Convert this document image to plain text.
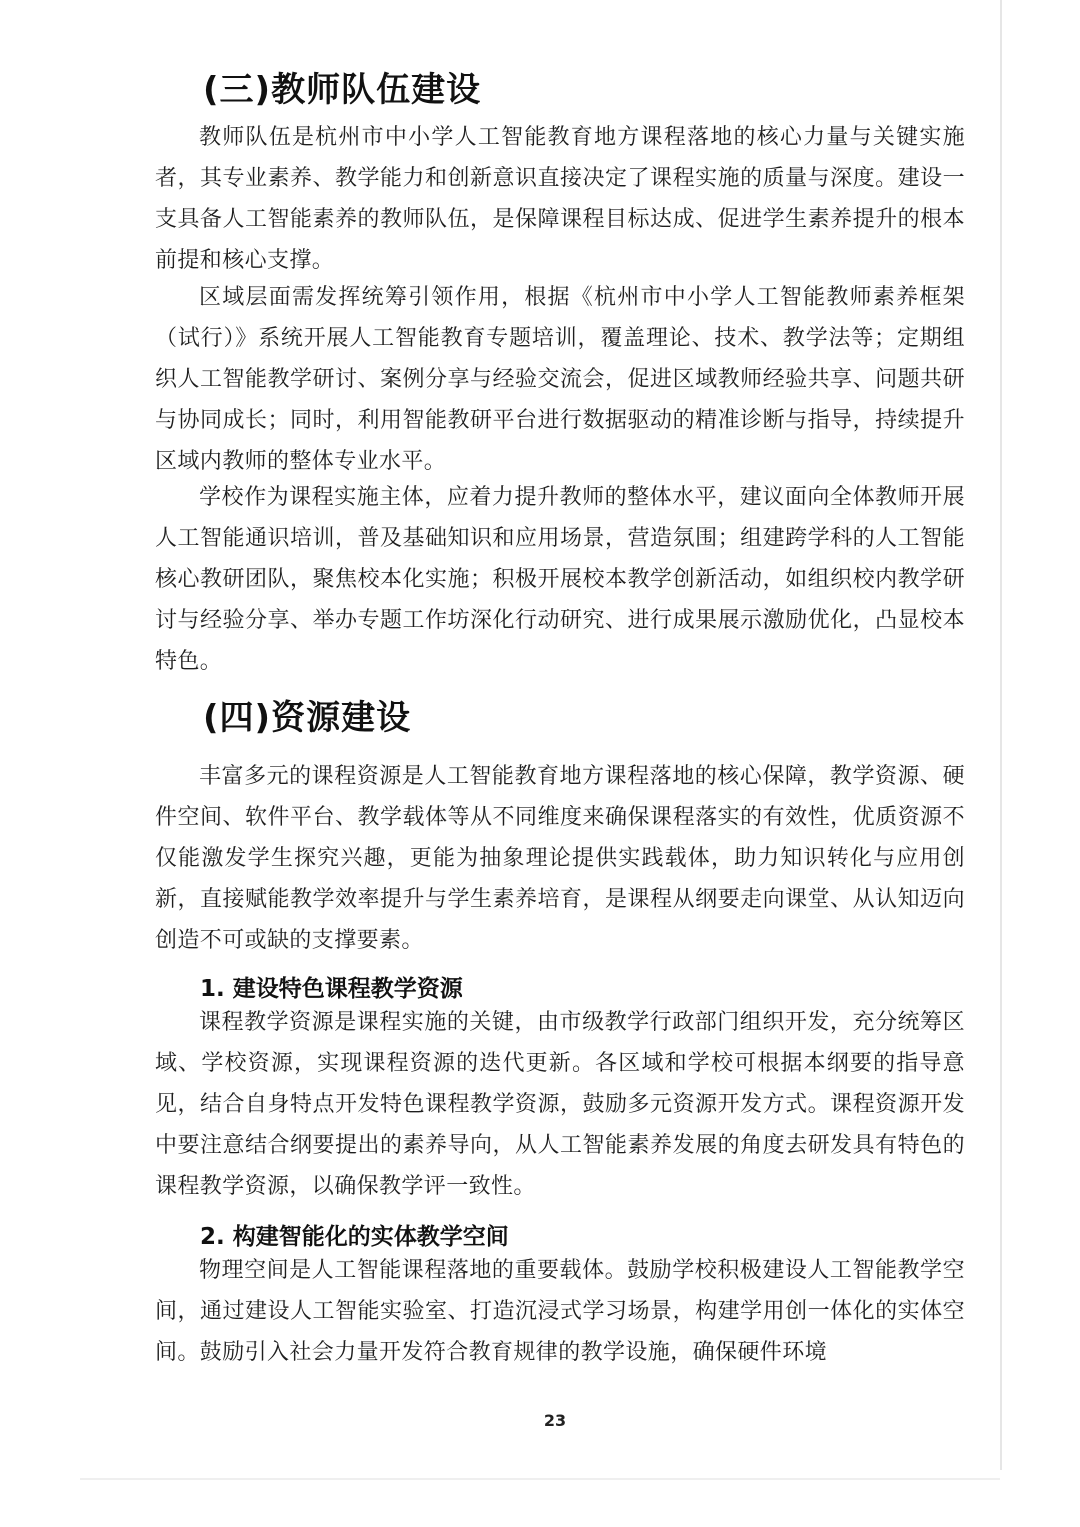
(三)教师队伍建设

教师队伍是杭州市中小学人工智能教育地方课程落地的核心力量与关键实施者，其专业素养、教学能力和创新意识直接决定了课程实施的质量与深度。建设一支具备人工智能素养的教师队伍，是保障课程目标达成、促进学生素养提升的根本前提和核心支撑。

区域层面需发挥统筹引领作用，根据《杭州市中小学人工智能教师素养框架（试行）》系统开展人工智能教育专题培训，覆盖理论、技术、教学法等；定期组织人工智能教学研讨、案例分享与经验交流会，促进区域教师经验共享、问题共研与协同成长；同时，利用智能教研平台进行数据驱动的精准诊断与指导，持续提升区域内教师的整体专业水平。

学校作为课程实施主体，应着力提升教师的整体水平，建议面向全体教师开展人工智能通识培训，普及基础知识和应用场景，营造氛围；组建跨学科的人工智能核心教研团队，聚焦校本化实施；积极开展校本教学创新活动，如组织校内教学研讨与经验分享、举办专题工作坊深化行动研究、进行成果展示激励优化，凸显校本特色。

(四)资源建设

丰富多元的课程资源是人工智能教育地方课程落地的核心保障，教学资源、硬件空间、软件平台、教学载体等从不同维度来确保课程落实的有效性，优质资源不仅能激发学生探究兴趣，更能为抽象理论提供实践载体，助力知识转化与应用创新，直接赋能教学效率提升与学生素养培育，是课程从纲要走向课堂、从认知迈向创造不可或缺的支撑要素。

1. 建设特色课程教学资源

课程教学资源是课程实施的关键，由市级教学行政部门组织开发，充分统筹区域、学校资源，实现课程资源的迭代更新。各区域和学校可根据本纲要的指导意见，结合自身特点开发特色课程教学资源，鼓励多元资源开发方式。课程资源开发中要注意结合纲要提出的素养导向，从人工智能素养发展的角度去研发具有特色的课程教学资源，以确保教学评一致性。

2. 构建智能化的实体教学空间

物理空间是人工智能课程落地的重要载体。鼓励学校积极建设人工智能教学空间，通过建设人工智能实验室、打造沉浸式学习场景，构建学用创一体化的实体空间。鼓励引入社会力量开发符合教育规律的教学设施，确保硬件环境

23
